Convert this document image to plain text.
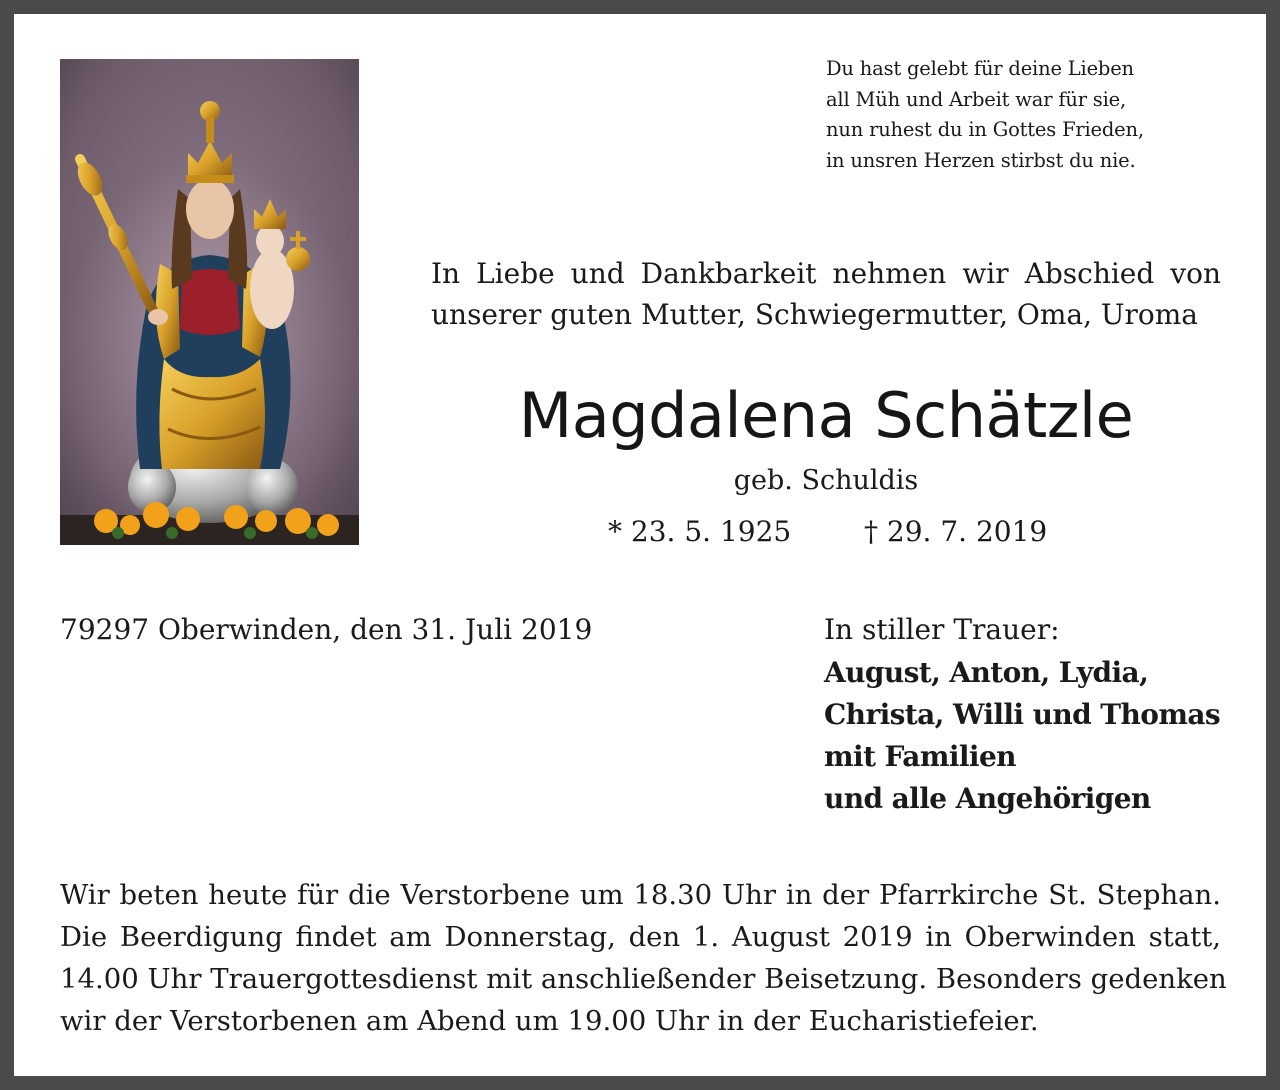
Du hast gelebt für deine Lieben
all Müh und Arbeit war für sie,
nun ruhest du in Gottes Frieden,
in unsren Herzen stirbst du nie.
In Liebe und Dankbarkeit nehmen wir Abschied von
unserer guten Mutter, Schwiegermutter, Oma, Uroma
Magdalena Schätzle
geb. Schuldis
* 23. 5. 1925	† 29. 7. 2019
79297 Oberwinden, den 31. Juli 2019	In stiller Trauer:
August, Anton, Lydia,
Christa, Willi und Thomas
mit Familien
und alle Angehörigen
Wir beten heute für die Verstorbene um 18.30 Uhr in der Pfarrkirche St. Stephan.
Die Beerdigung findet am Donnerstag, den 1. August 2019 in Oberwinden statt,
14.00 Uhr Trauergottesdienst mit anschließender Beisetzung. Besonders gedenken
wir der Verstorbenen am Abend um 19.00 Uhr in der Eucharistiefeier.
